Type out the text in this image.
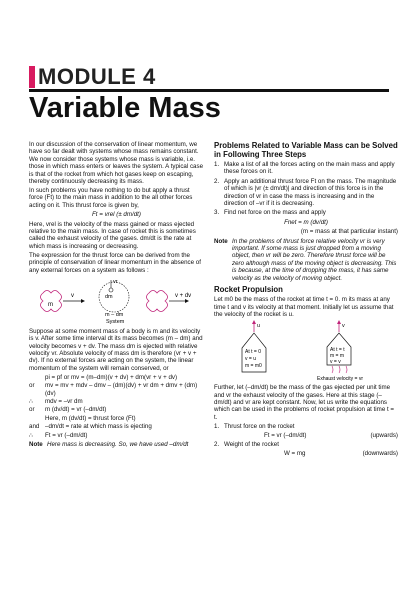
MODULE 4
Variable Mass

In our discussion of the conservation of linear momentum, we have so far dealt with systems whose mass remains constant. We now consider those systems whose mass is variable, i.e. those in which mass enters or leaves the system. A typical case is that of the rocket from which hot gases keep on escaping, thereby continuously decreasing its mass.

In such problems you have nothing to do but apply a thrust force (Ft) to the main mass in addition to the all other forces acting on it. This thrust force is given by,

Ft = vrel (± dm/dt)

Here, vrel is the velocity of the mass gained or mass ejected relative to the main mass. In case of rocket this is sometimes called the exhaust velocity of the gases. dm/dt is the rate at which mass is increasing or decreasing.

The expression for the thrust force can be derived from the principle of conservation of linear momentum in the absence of any external forces on a system as follows :

m
v
vr
dm
m – dm
System
v + dv

Suppose at some moment mass of a body is m and its velocity is v. After some time interval dt its mass becomes (m – dm) and velocity becomes v + dv. The mass dm is ejected with relative velocity vr. Absolute velocity of mass dm is therefore (vr + v + dv). If no external forces are acting on the system, the linear momentum of the system will remain conserved, or

pi = pf or mv = (m–dm)(v + dv) + dm(vr + v + dv)
or	mv = mv + mdv – dmv – (dm)(dv) + vr dm + dmv + (dm)(dv)
∴	mdv = –vr dm
or	m (dv/dt) = vr (–dm/dt)
Here, m (dv/dt) = thrust force (Ft)
and –dm/dt = rate at which mass is ejecting
∴	Ft = vr (–dm/dt)
Note Here mass is decreasing. So, we have used –dm/dt
Problems Related to Variable Mass can be Solved in Following Three Steps
1. Make a list of all the forces acting on the main mass and apply these forces on it.
2. Apply an additional thrust force Ft on the mass. The magnitude of which is |vr (± dm/dt)| and direction of this force is in the direction of vr in case the mass is increasing and in the direction of –vr if it is decreasing.
3. Find net force on the mass and apply
Fnet = m (dv/dt)
(m = mass at that particular instant)
Note In the problems of thrust force relative velocity vr is very important. If some mass is just dropped from a moving object, then vr will be zero. Therefore thrust force will be zero although mass of the moving object is decreasing. This is because, at the time of dropping the mass, it has same velocity as the velocity of moving object.
Rocket Propulsion

Let m0 be the mass of the rocket at time t = 0. m its mass at any time t and v its velocity at that moment. Initially let us assume that the velocity of the rocket is u.

u
At t = 0
v = u
m = m0
v
At t = t
m = m
v = v
Exhaust velocity = vr

Further, let (–dm/dt) be the mass of the gas ejected per unit time and vr the exhaust velocity of the gases. Here at this stage (–dm/dt) and vr are kept constant. Now, let us write the equations which can be used in the problems of rocket propulsion at time t = t.

1. Thrust force on the rocket
Ft = vr (–dm/dt)	(upwards)
2. Weight of the rocket
W = mg	(downwards)
